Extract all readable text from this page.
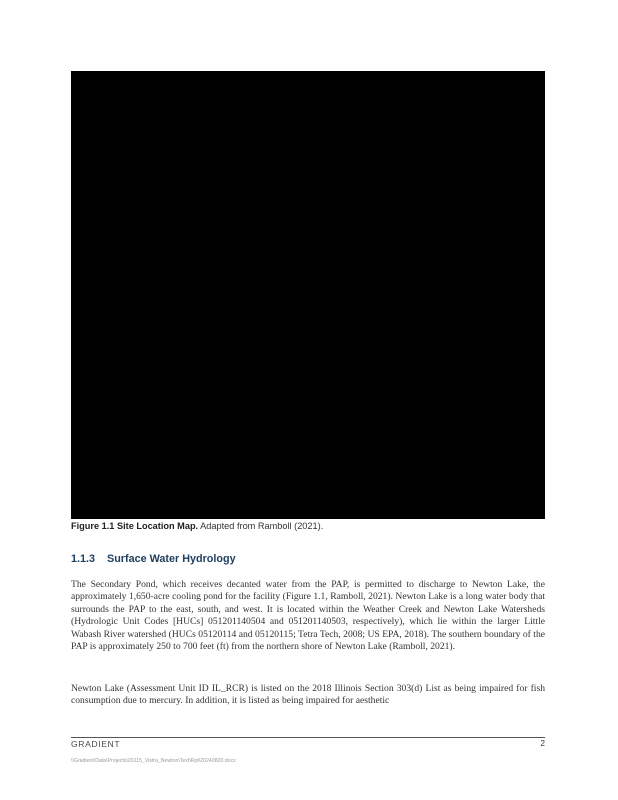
Figure 1.1 Site Location Map. Adapted from Ramboll (2021).
1.1.3 Surface Water Hydrology

The Secondary Pond, which receives decanted water from the PAP, is permitted to discharge to Newton Lake, the approximately 1,650-acre cooling pond for the facility (Figure 1.1, Ramboll, 2021). Newton Lake is a long water body that surrounds the PAP to the east, south, and west. It is located within the Weather Creek and Newton Lake Watersheds (Hydrologic Unit Codes [HUCs] 051201140504 and 051201140503, respectively), which lie within the larger Little Wabash River watershed (HUCs 05120114 and 05120115; Tetra Tech, 2008; US EPA, 2018). The southern boundary of the PAP is approximately 250 to 700 feet (ft) from the northern shore of Newton Lake (Ramboll, 2021).

Newton Lake (Assessment Unit ID IL_RCR) is listed on the 2018 Illinois Section 303(d) List as being impaired for fish consumption due to mercury. In addition, it is listed as being impaired for aesthetic

GRADIENT	2
\\Gradient\Data\Projects\20115_Vistra_Newton\Text\Rpt\20240820.docx
